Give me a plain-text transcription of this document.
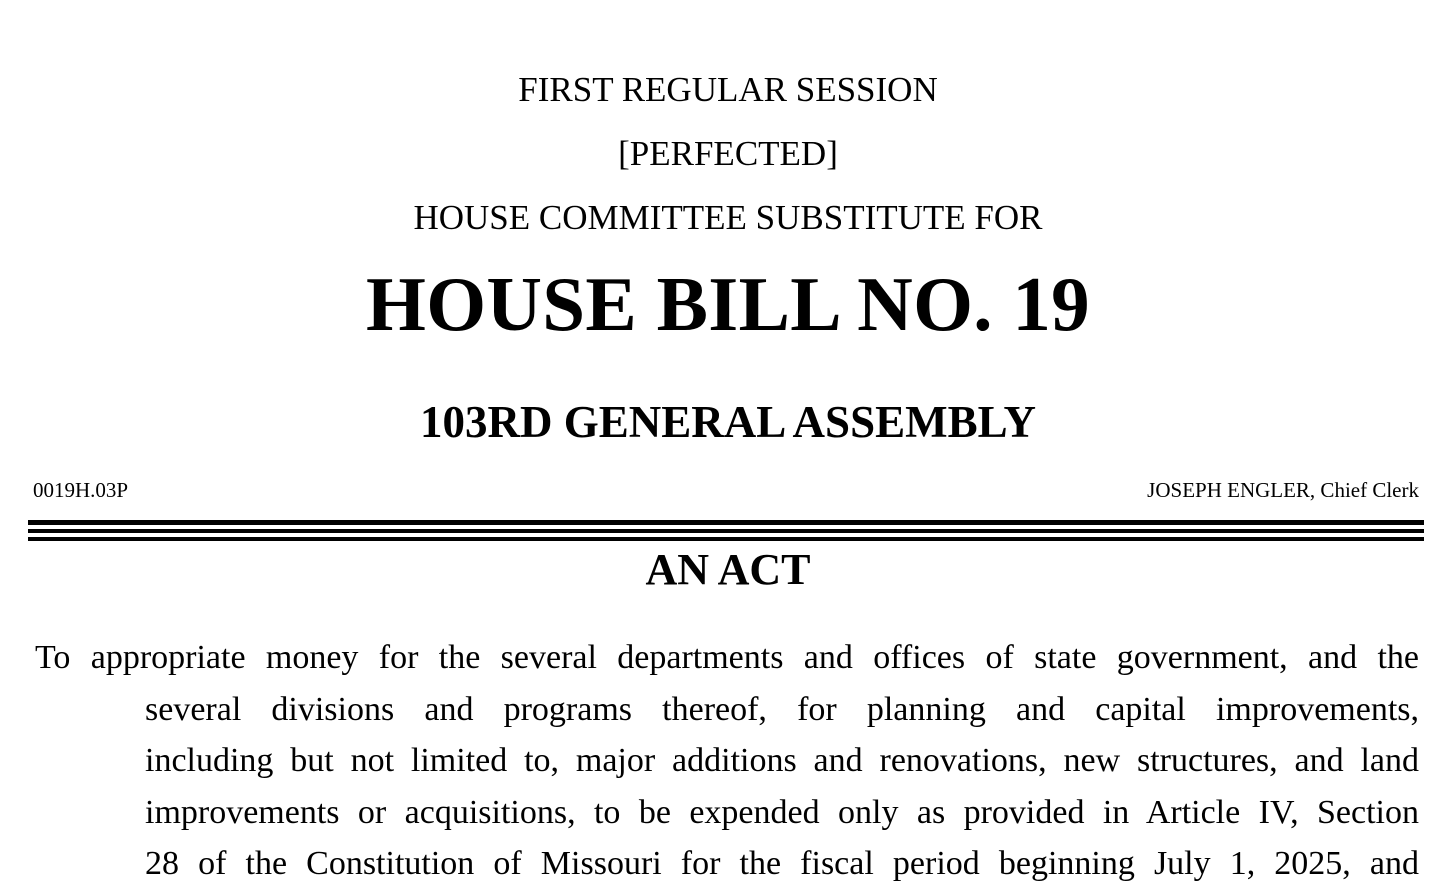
FIRST REGULAR SESSION
[PERFECTED]
HOUSE COMMITTEE SUBSTITUTE FOR
HOUSE BILL NO. 19
103RD GENERAL ASSEMBLY
0019H.03P	JOSEPH ENGLER, Chief Clerk
AN ACT
To appropriate money for the several departments and offices of state government, and the
several divisions and programs thereof, for planning and capital improvements,
including but not limited to, major additions and renovations, new structures, and land
improvements or acquisitions, to be expended only as provided in Article IV, Section
28 of the Constitution of Missouri for the fiscal period beginning July 1, 2025, and
